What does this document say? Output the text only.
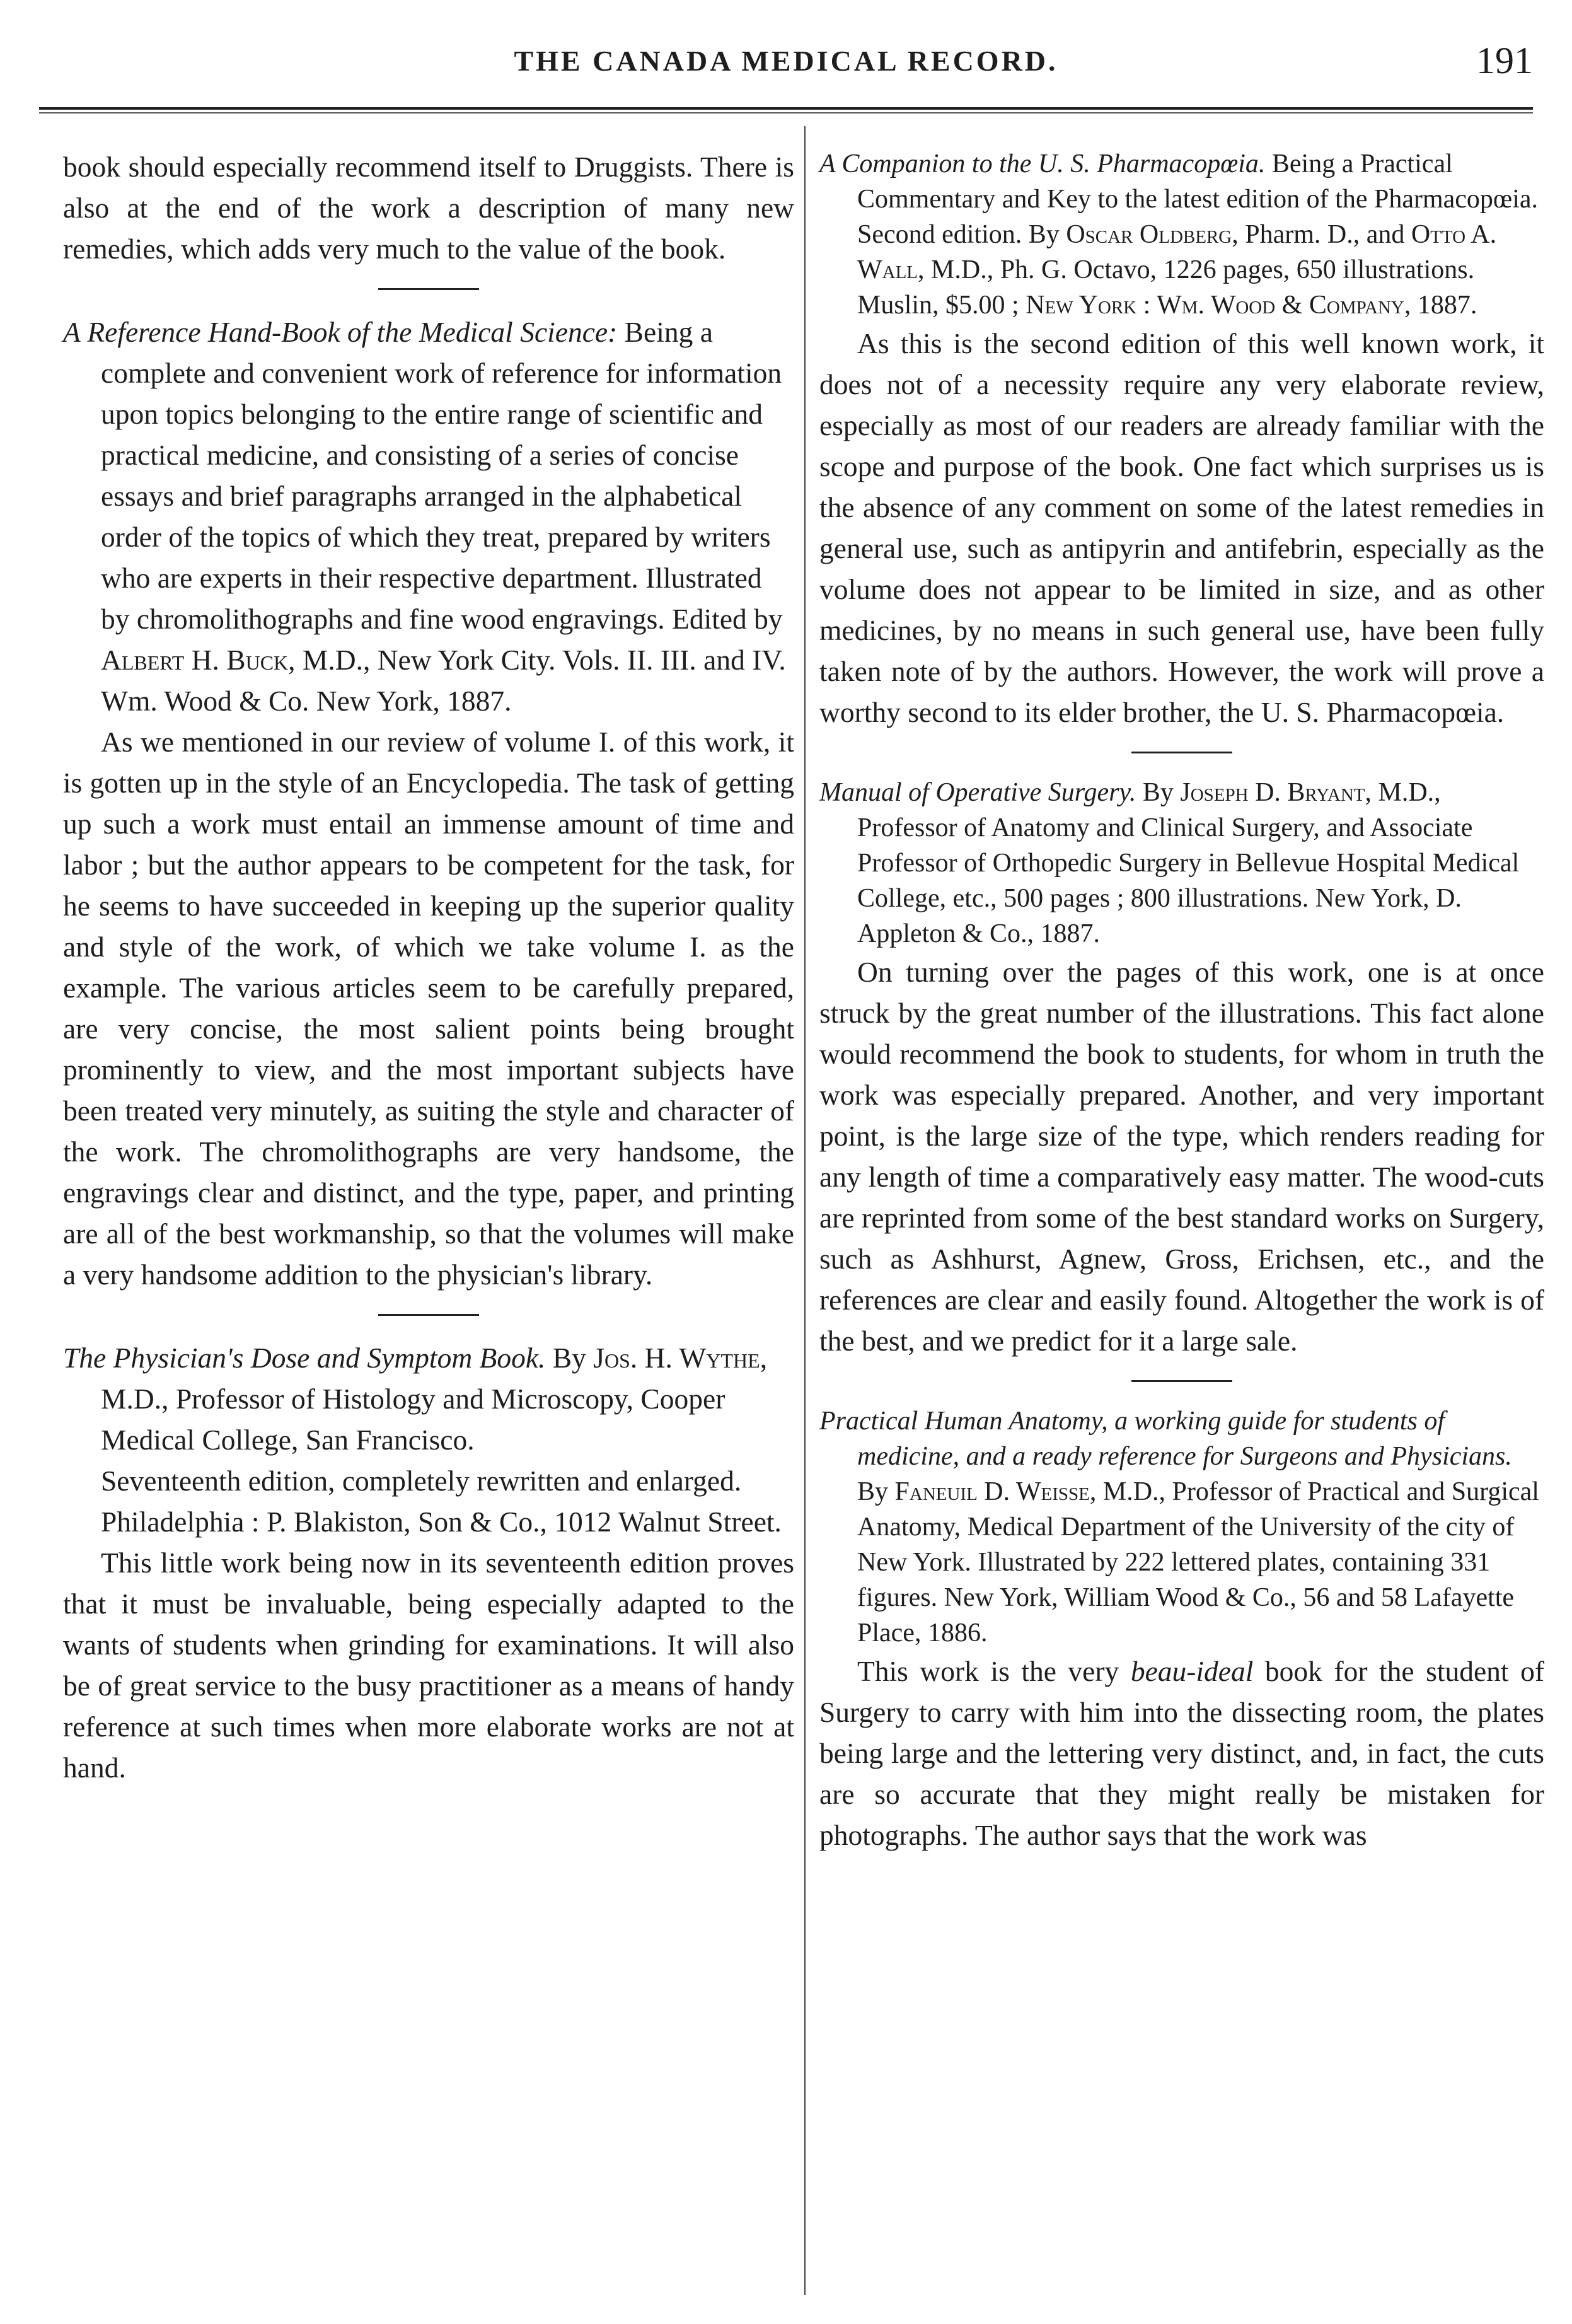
THE CANADA MEDICAL RECORD.	191

book should especially recommend itself to Druggists. There is also at the end of the work a description of many new remedies, which adds very much to the value of the book.

A Reference Hand-Book of the Medical Science: Being a complete and convenient work of reference for information upon topics belonging to the entire range of scientific and practical medicine, and consisting of a series of concise essays and brief paragraphs arranged in the alphabetical order of the topics of which they treat, prepared by writers who are experts in their respective department. Illustrated by chromolithographs and fine wood engravings. Edited by Albert H. Buck, M.D., New York City. Vols. II. III. and IV. Wm. Wood & Co. New York, 1887.

As we mentioned in our review of volume I. of this work, it is gotten up in the style of an Encyclopedia. The task of getting up such a work must entail an immense amount of time and labor ; but the author appears to be competent for the task, for he seems to have succeeded in keeping up the superior quality and style of the work, of which we take volume I. as the example. The various articles seem to be carefully prepared, are very concise, the most salient points being brought prominently to view, and the most important subjects have been treated very minutely, as suiting the style and character of the work. The chromolithographs are very handsome, the engravings clear and distinct, and the type, paper, and printing are all of the best workmanship, so that the volumes will make a very handsome addition to the physician's library.

The Physician's Dose and Symptom Book. By Jos. H. Wythe, M.D., Professor of Histology and Microscopy, Cooper Medical College, San Francisco.

Seventeenth edition, completely rewritten and enlarged.

Philadelphia : P. Blakiston, Son & Co., 1012 Walnut Street.

This little work being now in its seventeenth edition proves that it must be invaluable, being especially adapted to the wants of students when grinding for examinations. It will also be of great service to the busy practitioner as a means of handy reference at such times when more elaborate works are not at hand.

A Companion to the U. S. Pharmacopœia. Being a Practical Commentary and Key to the latest edition of the Pharmacopœia. Second edition. By Oscar Oldberg, Pharm. D., and Otto A. Wall, M.D., Ph. G. Octavo, 1226 pages, 650 illustrations. Muslin, $5.00 ; New York : Wm. Wood & Company, 1887.

As this is the second edition of this well known work, it does not of a necessity require any very elaborate review, especially as most of our readers are already familiar with the scope and purpose of the book. One fact which surprises us is the absence of any comment on some of the latest remedies in general use, such as antipyrin and antifebrin, especially as the volume does not appear to be limited in size, and as other medicines, by no means in such general use, have been fully taken note of by the authors. However, the work will prove a worthy second to its elder brother, the U. S. Pharmacopœia.

Manual of Operative Surgery. By Joseph D. Bryant, M.D., Professor of Anatomy and Clinical Surgery, and Associate Professor of Orthopedic Surgery in Bellevue Hospital Medical College, etc., 500 pages ; 800 illustrations. New York, D. Appleton & Co., 1887.

On turning over the pages of this work, one is at once struck by the great number of the illustrations. This fact alone would recommend the book to students, for whom in truth the work was especially prepared. Another, and very important point, is the large size of the type, which renders reading for any length of time a comparatively easy matter. The wood-cuts are reprinted from some of the best standard works on Surgery, such as Ashhurst, Agnew, Gross, Erichsen, etc., and the references are clear and easily found. Altogether the work is of the best, and we predict for it a large sale.

Practical Human Anatomy, a working guide for students of medicine, and a ready reference for Surgeons and Physicians. By Faneuil D. Weisse, M.D., Professor of Practical and Surgical Anatomy, Medical Department of the University of the city of New York. Illustrated by 222 lettered plates, containing 331 figures. New York, William Wood & Co., 56 and 58 Lafayette Place, 1886.

This work is the very beau-ideal book for the student of Surgery to carry with him into the dissecting room, the plates being large and the lettering very distinct, and, in fact, the cuts are so accurate that they might really be mistaken for photographs. The author says that the work was
